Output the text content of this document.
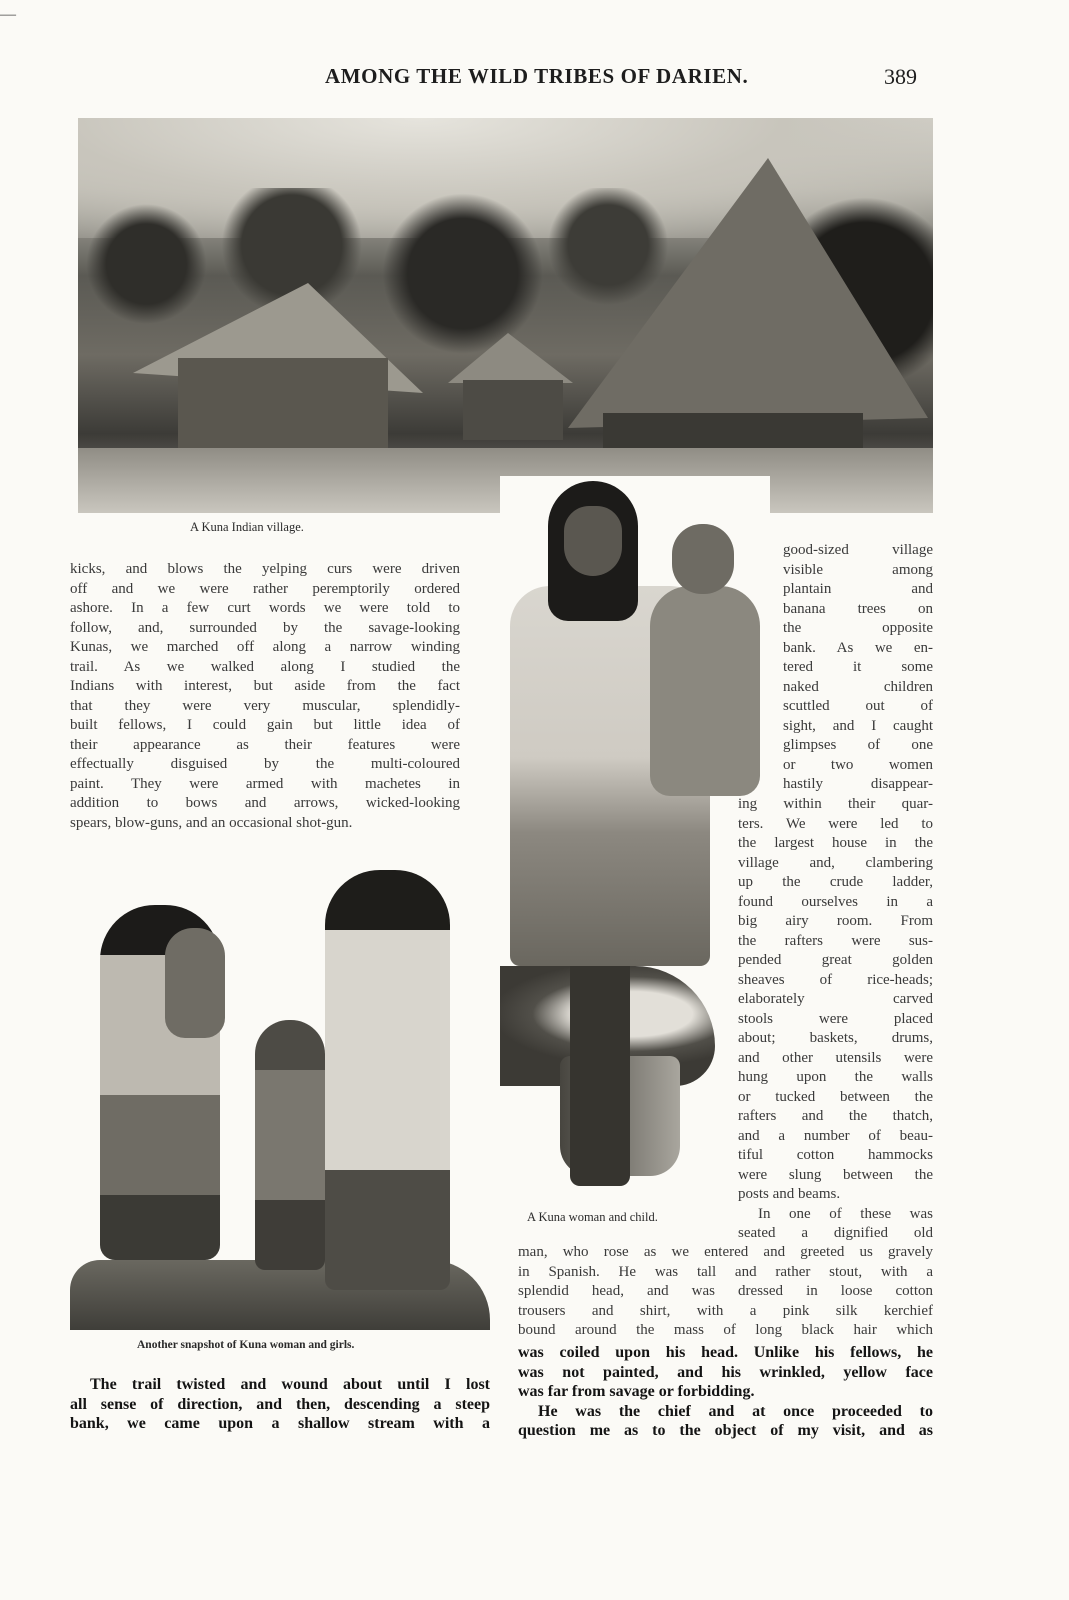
—
AMONG THE WILD TRIBES OF DARIEN.	389
A Kuna Indian village.
A Kuna woman and child.
Another snapshot of Kuna woman and girls.
kicks, and blows the yelping curs were driven
off and we were rather peremptorily ordered
ashore. In a few curt words we were told to
follow, and, surrounded by the savage-looking
Kunas, we marched off along a narrow winding
trail. As we walked along I studied the
Indians with interest, but aside from the fact
that they were very muscular, splendidly-
built fellows, I could gain but little idea of
their appearance as their features were
effectually disguised by the multi-coloured
paint. They were armed with machetes in
addition to bows and arrows, wicked-looking
spears, blow-guns, and an occasional shot-gun.
The trail twisted and wound about until I lost
all sense of direction, and then, descending a steep
bank, we came upon a shallow stream with a
good-sized village
visible among
plantain and
banana trees on
the opposite
bank. As we en-
tered it some
naked children
scuttled out of
sight, and I caught
glimpses of one
or two women
hastily disappear-
ing within their quar-
ters. We were led to
the largest house in the
village and, clambering
up the crude ladder,
found ourselves in a
big airy room. From
the rafters were sus-
pended great golden
sheaves of rice-heads;
elaborately carved
stools were placed
about; baskets, drums,
and other utensils were
hung upon the walls
or tucked between the
rafters and the thatch,
and a number of beau-
tiful cotton hammocks
were slung between the
posts and beams.
In one of these was
seated a dignified old
man, who rose as we entered and greeted us gravely
in Spanish. He was tall and rather stout, with a
splendid head, and was dressed in loose cotton
trousers and shirt, with a pink silk kerchief
bound around the mass of long black hair which
was coiled upon his head. Unlike his fellows, he
was not painted, and his wrinkled, yellow face
was far from savage or forbidding.
He was the chief and at once proceeded to
question me as to the object of my visit, and as
